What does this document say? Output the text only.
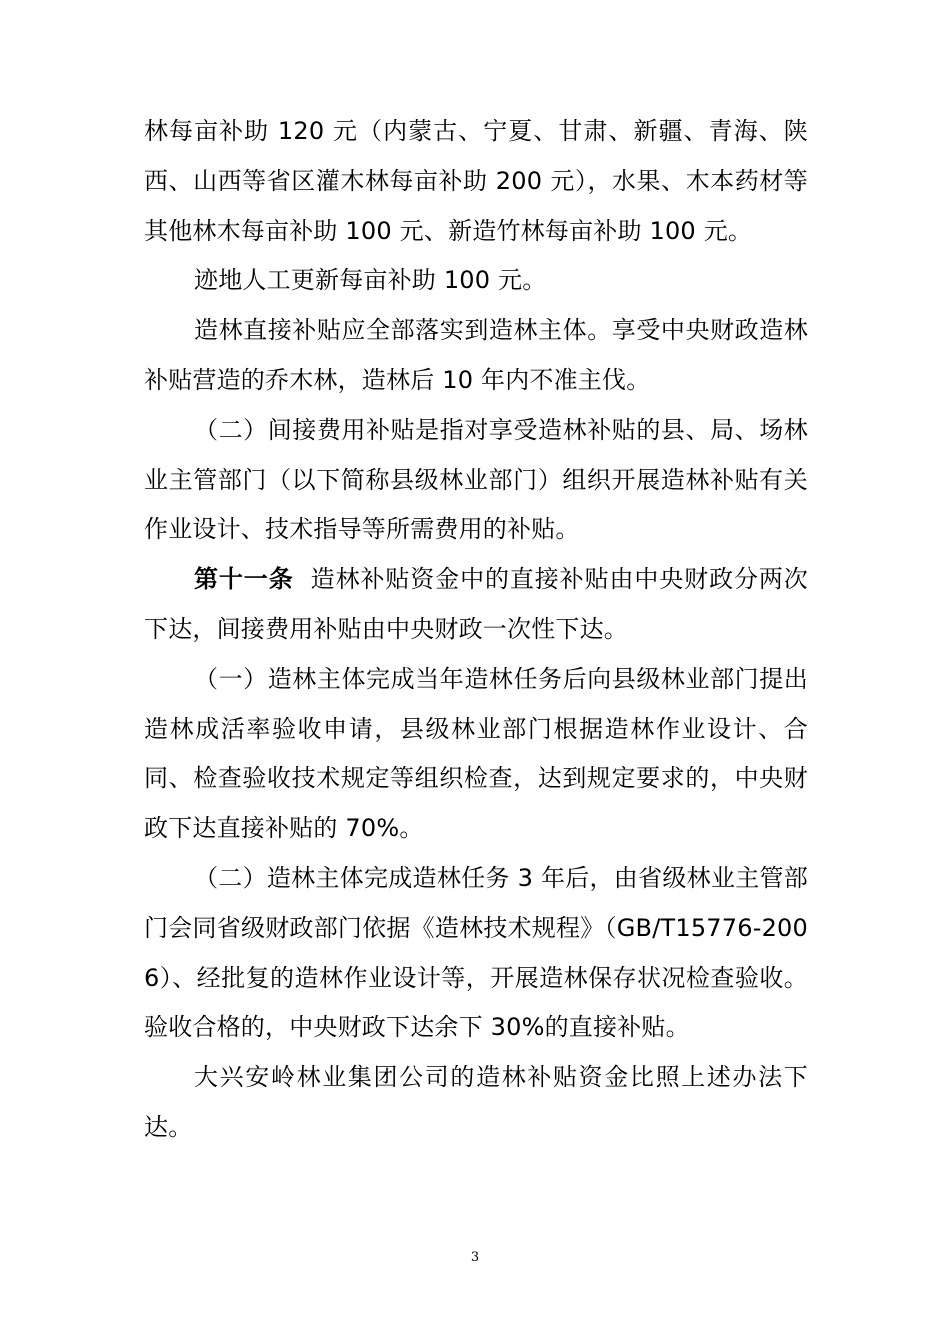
林每亩补助 120 元（内蒙古、宁夏、甘肃、新疆、青海、陕西、山西等省区灌木林每亩补助 200 元），水果、木本药材等其他林木每亩补助 100 元、新造竹林每亩补助 100 元。

迹地人工更新每亩补助 100 元。

造林直接补贴应全部落实到造林主体。享受中央财政造林补贴营造的乔木林，造林后 10 年内不准主伐。

（二）间接费用补贴是指对享受造林补贴的县、局、场林业主管部门（以下简称县级林业部门）组织开展造林补贴有关作业设计、技术指导等所需费用的补贴。

第十一条  造林补贴资金中的直接补贴由中央财政分两次下达，间接费用补贴由中央财政一次性下达。

（一）造林主体完成当年造林任务后向县级林业部门提出造林成活率验收申请，县级林业部门根据造林作业设计、合同、检查验收技术规定等组织检查，达到规定要求的，中央财政下达直接补贴的 70%。

（二）造林主体完成造林任务 3 年后，由省级林业主管部门会同省级财政部门依据《造林技术规程》（GB/T15776-2006）、经批复的造林作业设计等，开展造林保存状况检查验收。验收合格的，中央财政下达余下 30%的直接补贴。

大兴安岭林业集团公司的造林补贴资金比照上述办法下达。

3
